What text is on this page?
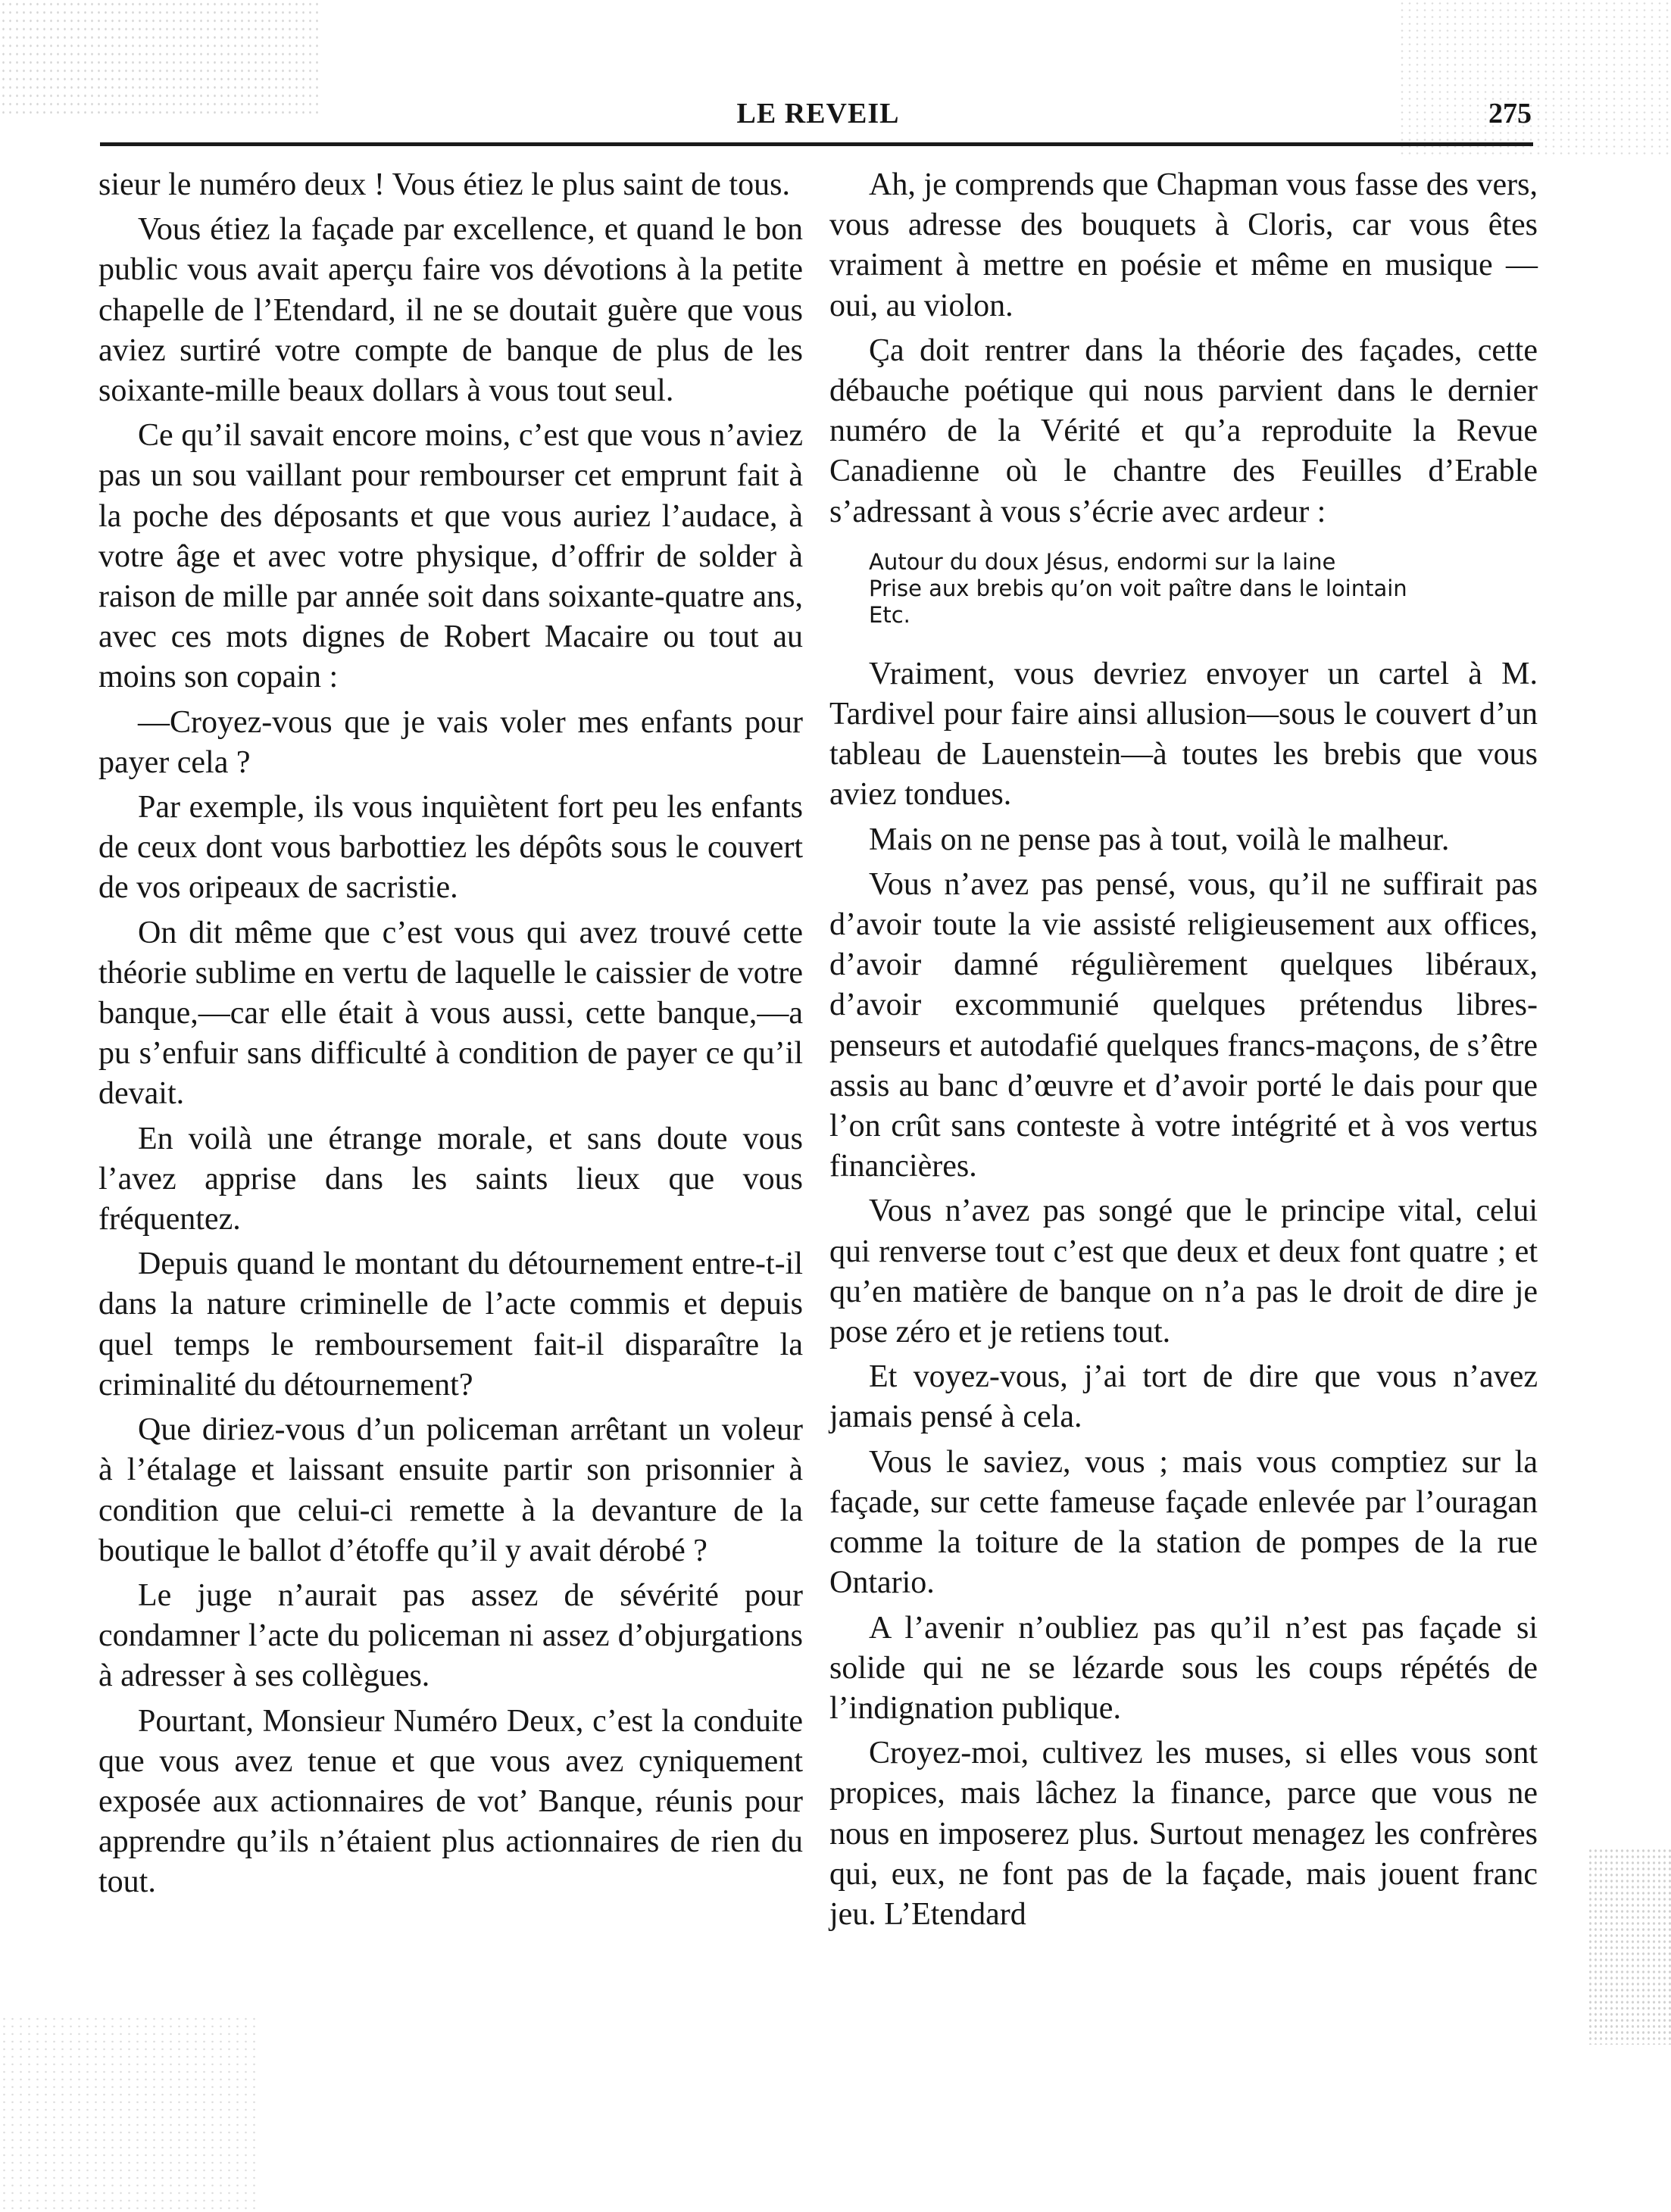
LE REVEIL	275

sieur le numéro deux ! Vous étiez le plus saint de tous.

Vous étiez la façade par excellence, et quand le bon public vous avait aperçu faire vos dévotions à la petite chapelle de l’Etendard, il ne se doutait guère que vous aviez surtiré votre compte de banque de plus de les soixante-mille beaux dollars à vous tout seul.

Ce qu’il savait encore moins, c’est que vous n’aviez pas un sou vaillant pour rembourser cet emprunt fait à la poche des déposants et que vous auriez l’audace, à votre âge et avec votre physique, d’offrir de solder à raison de mille par année soit dans soixante-quatre ans, avec ces mots dignes de Robert Macaire ou tout au moins son copain :

—Croyez-vous que je vais voler mes enfants pour payer cela ?

Par exemple, ils vous inquiètent fort peu les enfants de ceux dont vous barbottiez les dépôts sous le couvert de vos oripeaux de sacristie.

On dit même que c’est vous qui avez trouvé cette théorie sublime en vertu de laquelle le caissier de votre banque,—car elle était à vous aussi, cette banque,—a pu s’enfuir sans difficulté à condition de payer ce qu’il devait.

En voilà une étrange morale, et sans doute vous l’avez apprise dans les saints lieux que vous fréquentez.

Depuis quand le montant du détournement entre-t-il dans la nature criminelle de l’acte commis et depuis quel temps le remboursement fait-il disparaître la criminalité du détournement?

Que diriez-vous d’un policeman arrêtant un voleur à l’étalage et laissant ensuite partir son prisonnier à condition que celui-ci remette à la devanture de la boutique le ballot d’étoffe qu’il y avait dérobé ?

Le juge n’aurait pas assez de sévérité pour condamner l’acte du policeman ni assez d’objurgations à adresser à ses collègues.

Pourtant, Monsieur Numéro Deux, c’est la conduite que vous avez tenue et que vous avez cyniquement exposée aux actionnaires de vot’ Banque, réunis pour apprendre qu’ils n’étaient plus actionnaires de rien du tout.

Ah, je comprends que Chapman vous fasse des vers, vous adresse des bouquets à Cloris, car vous êtes vraiment à mettre en poésie et même en musique — oui, au violon.

Ça doit rentrer dans la théorie des façades, cette débauche poétique qui nous parvient dans le dernier numéro de la Vérité et qu’a reproduite la Revue Canadienne où le chantre des Feuilles d’Erable s’adressant à vous s’écrie avec ardeur :

Autour du doux Jésus, endormi sur la laine
Prise aux brebis qu’on voit paître dans le lointain
Etc.

Vraiment, vous devriez envoyer un cartel à M. Tardivel pour faire ainsi allusion—sous le couvert d’un tableau de Lauenstein—à toutes les brebis que vous aviez tondues.

Mais on ne pense pas à tout, voilà le malheur.

Vous n’avez pas pensé, vous, qu’il ne suffirait pas d’avoir toute la vie assisté religieusement aux offices, d’avoir damné régulièrement quelques libéraux, d’avoir excommunié quelques prétendus libres-penseurs et autodafié quelques francs-maçons, de s’être assis au banc d’œuvre et d’avoir porté le dais pour que l’on crût sans conteste à votre intégrité et à vos vertus financières.

Vous n’avez pas songé que le principe vital, celui qui renverse tout c’est que deux et deux font quatre ; et qu’en matière de banque on n’a pas le droit de dire je pose zéro et je retiens tout.

Et voyez-vous, j’ai tort de dire que vous n’avez jamais pensé à cela.

Vous le saviez, vous ; mais vous comptiez sur la façade, sur cette fameuse façade enlevée par l’ouragan comme la toiture de la station de pompes de la rue Ontario.

A l’avenir n’oubliez pas qu’il n’est pas façade si solide qui ne se lézarde sous les coups répétés de l’indignation publique.

Croyez-moi, cultivez les muses, si elles vous sont propices, mais lâchez la finance, parce que vous ne nous en imposerez plus. Surtout menagez les confrères qui, eux, ne font pas de la façade, mais jouent franc jeu. L’Etendard
